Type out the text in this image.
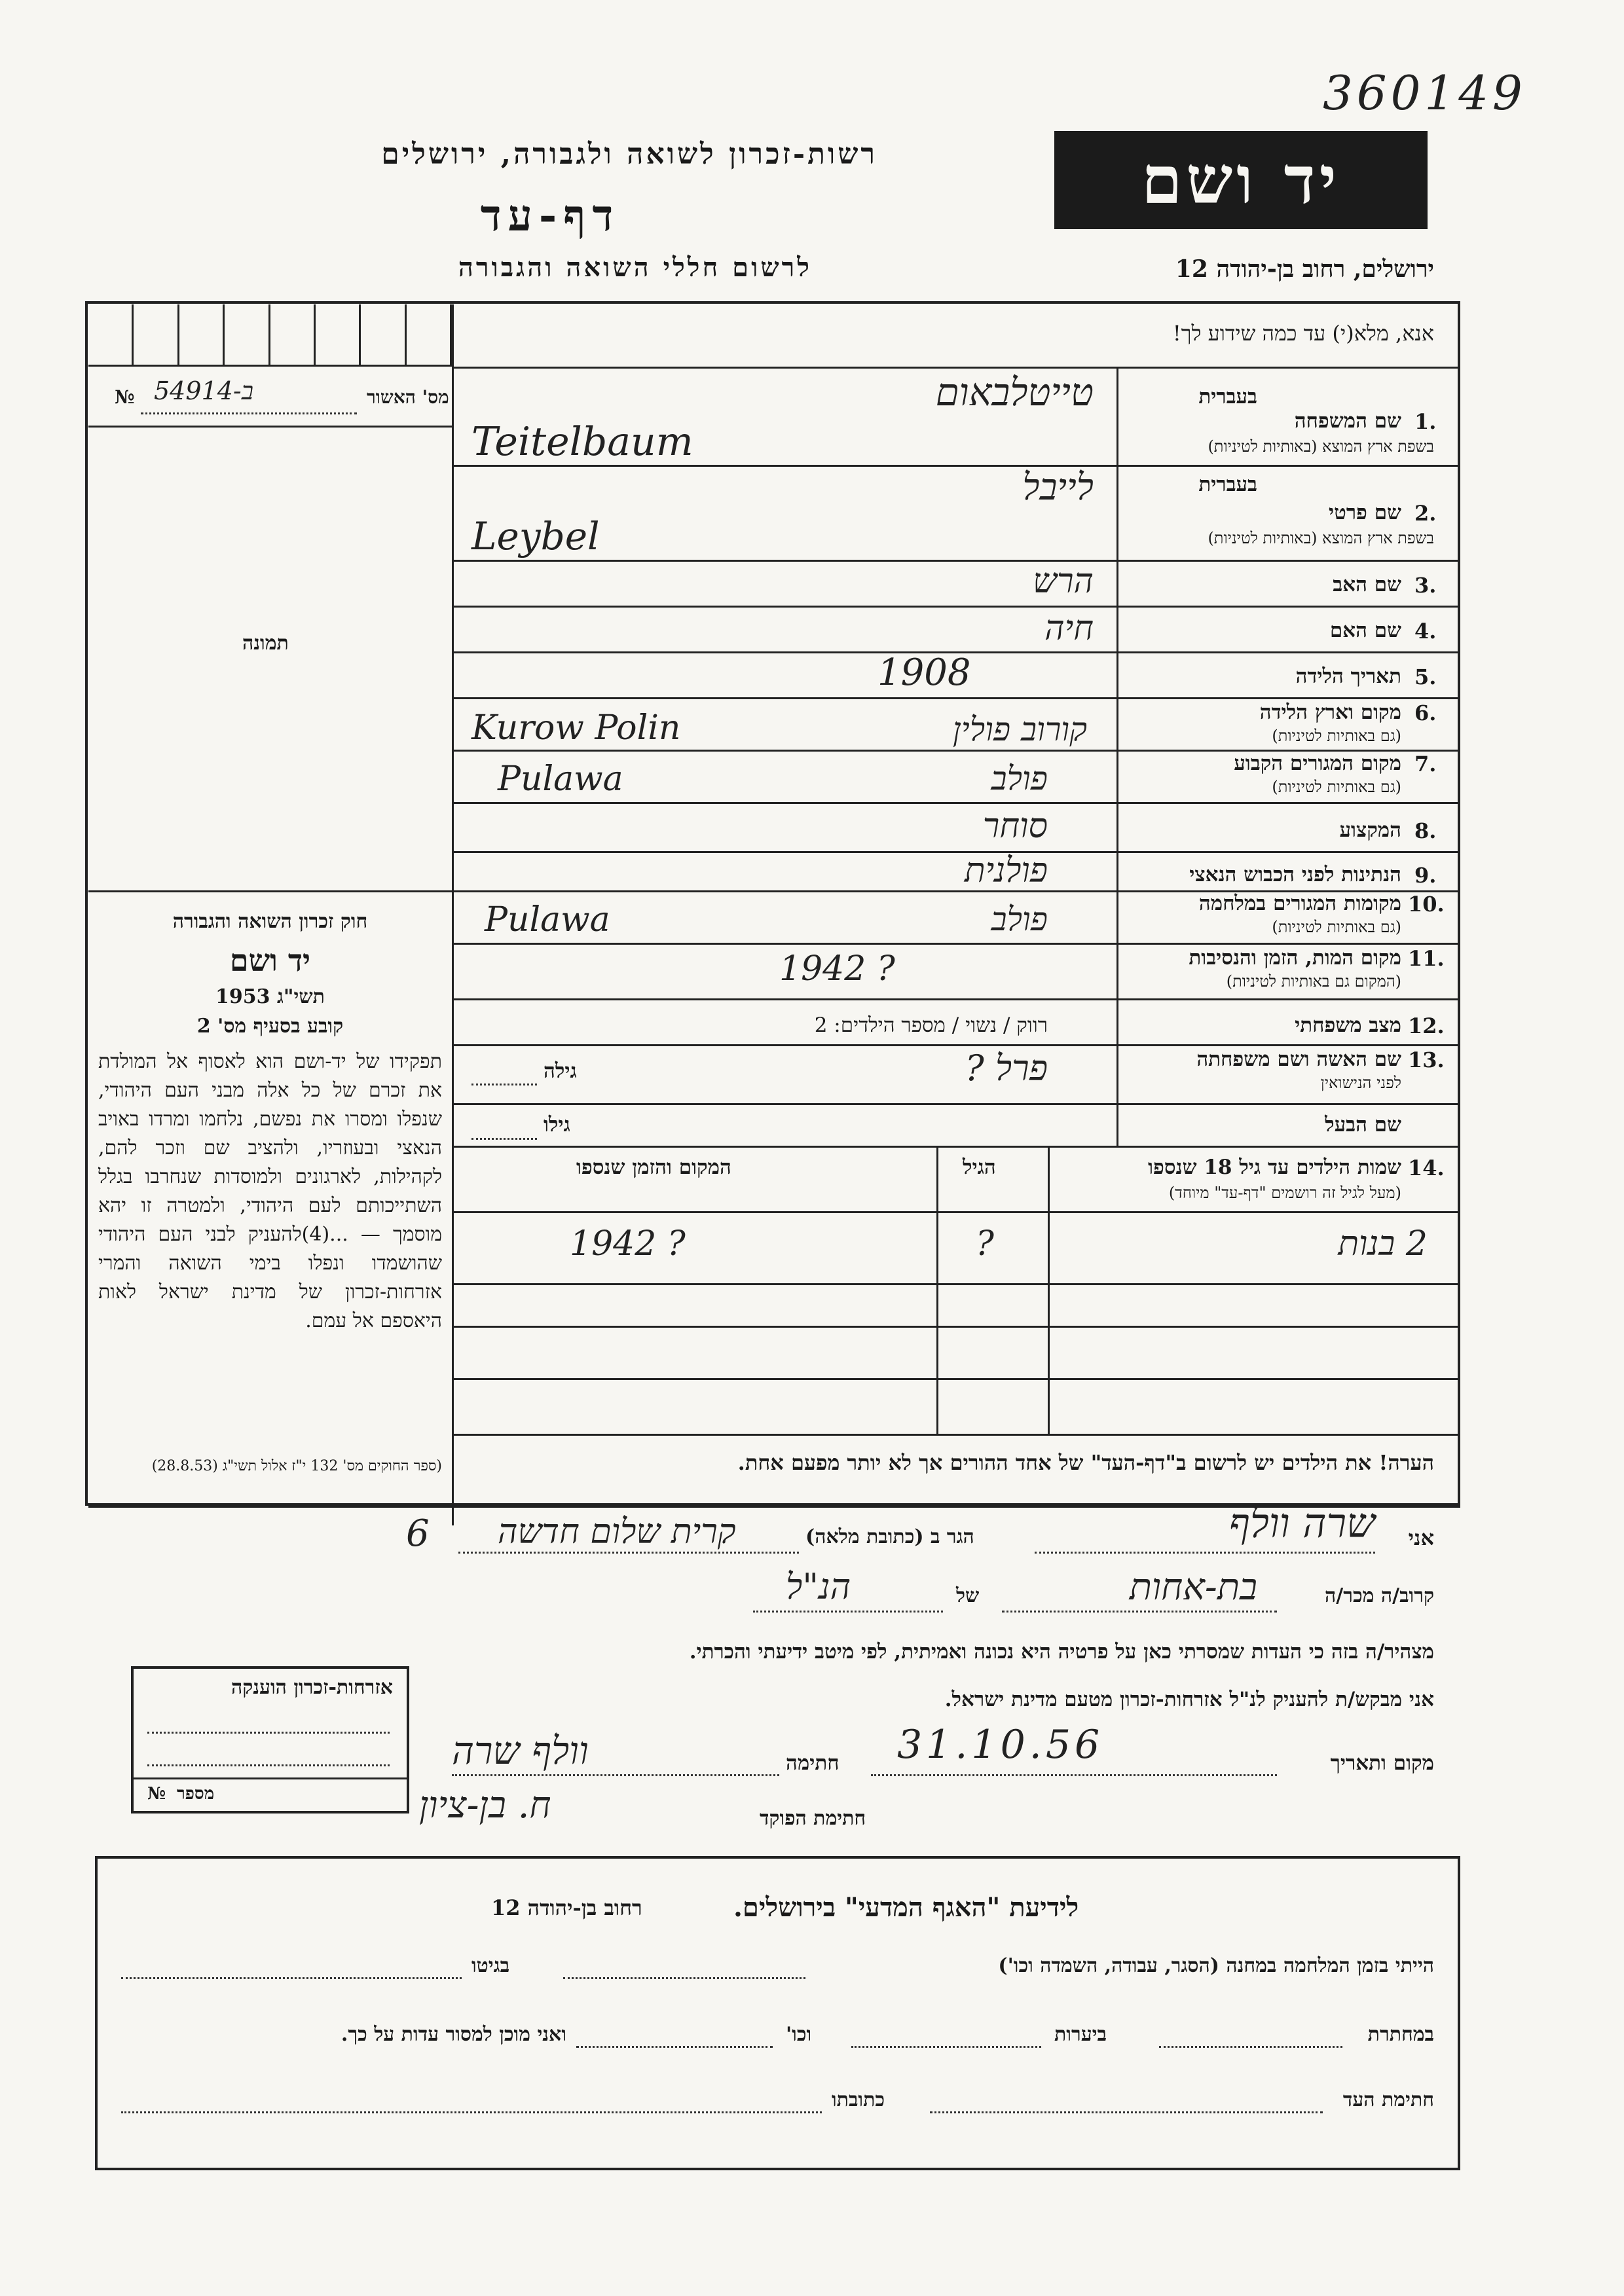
360149
רשות-זכרון לשואה ולגבורה, ירושלים
דף-עד
לרשום חללי השואה והגבורה
יד ושם
ירושלים, רחוב בן-יהודה 12
אנא, מלא(י) עד כמה שידוע לך!
מס' האשור
№ 54914-ב
תמונה
1.
שם המשפחה
בשפת ארץ המוצא (באותיות לטיניות)
בעברית
טייטלבאום
Teitelbaum
בעברית
2.
שם פרטי
בשפת ארץ המוצא (באותיות לטיניות)
לייבל
Leybel
3.
שם האב
הרש
4.
שם האם
חיה
5.
תאריך הלידה
1908
6.
מקום וארץ הלידה
(גם באותיות לטיניות)
קורוב פולין
Kurow Polin
7.
מקום המגורים הקבוע
(גם באותיות לטיניות)
פולב
Pulawa
8.
המקצוע
סוחר
9.
הנתינות לפני הכבוש הנאצי
פולנית
10.
מקומות המגורים במלחמה
(גם באותיות לטיניות)
פולב
Pulawa
11.
מקום המות, הזמן והנסיבות
(המקום גם באותיות לטיניות)
1942 ?
12.
מצב משפחתי
רווק / נשוי / מספר הילדים: 2
13.
שם האשה ושם משפחתה
לפני הנישואין
פרל ?
גילה
שם הבעל
גילו
14.
שמות הילדים עד גיל 18 שנספו
(מעל לגיל זה רושמים "דף-עד" מיוחד)
הגיל
המקום והזמן שנספו
2 בנות
?
1942 ?
חוק זכרון השואה והגבורה
יד ושם
תשי"ג 1953
קובע בסעיף מס' 2
תפקידו של יד-ושם הוא לאסוף אל המולדת את זכרם של כל אלה מבני העם היהודי, שנפלו ומסרו את נפשם, נלחמו ומרדו באויב הנאצי ובעוזריו, ולהציב שם וזכר להם, לקהילות, לארגונים ולמוסדות שנחרבו בגלל השתייכותם לעם היהודי, ולמטרה זו יהא מוסמך — ...(4)להעניק לבני העם היהודי שהושמדו ונפלו בימי השואה והמרי אזרחות-זכרון של מדינת ישראל לאות היאספם אל עמם.
(ספר החוקים מס' 132 י"ז אלול תשי"ג (28.8.53)	הערה! את הילדים יש לרשום ב"דף-העד" של אחד ההורים אך לא יותר מפעם אחת.
אני
שרה וולף
הגר ב (כתובת מלאה)
קרית שלום חדשה
6
קרוב/ה מכר/ה
בת-אחות
של
הנ"ל
מצהיר/ה בזה כי העדות שמסרתי כאן על פרטיה היא נכונה ואמיתית, לפי מיטב ידיעתי והכרתי.
אני מבקש/ת להעניק לנ"ל אזרחות-זכרון מטעם מדינת ישראל.
מקום ותאריך
31.10.56
חתימה
וולף שרה
חתימת הפוקד
ח. בן-ציון
אזרחות-זכרון הוענקה
מספר
№
לידיעת "האגף המדעי" בירושלים.
רחוב בן-יהודה 12
הייתי בזמן המלחמה במחנה (הסגר, עבודה, השמדה וכו')
בגיטו
במחתרת
ביערות
וכו'
ואני מוכן למסור עדות על כך.
חתימת העד
כתובתו
